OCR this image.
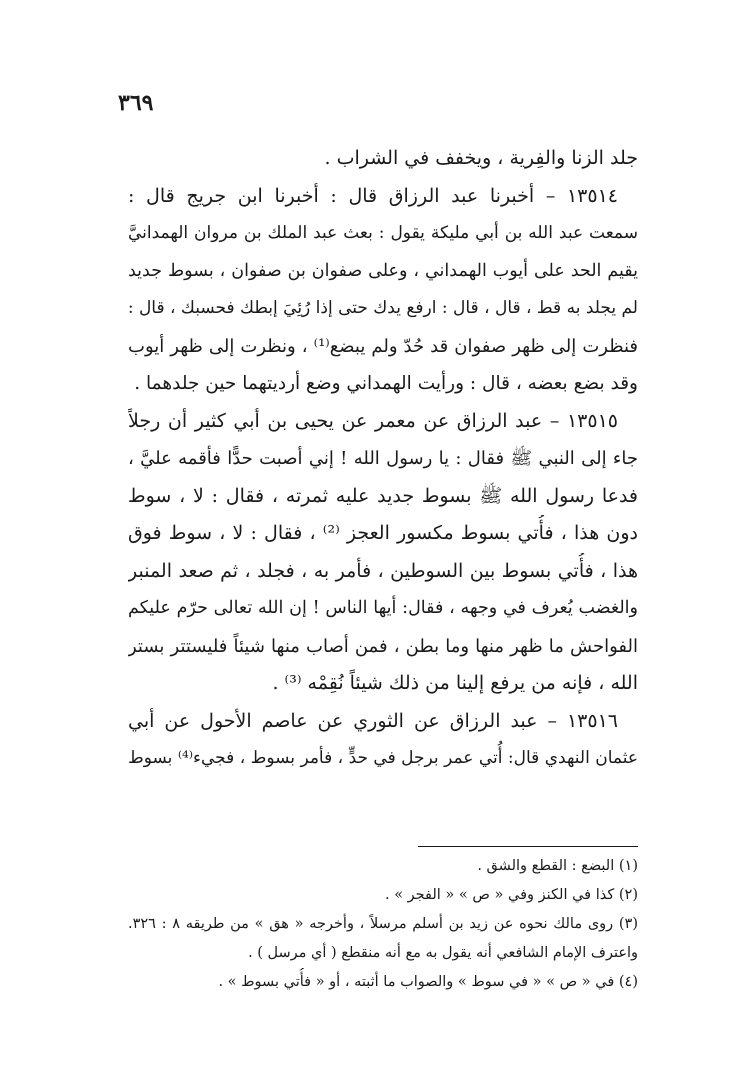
٣٦٩
جلد الزنا والفِرية ، ويخفف في الشراب .
١٣٥١٤ – أخبرنا عبد الرزاق قال : أخبرنا ابن جريج قال :
سمعت عبد الله بن أبي مليكة يقول : بعث عبد الملك بن مروان الهمدانيَّ
يقيم الحد على أيوب الهمداني ، وعلى صفوان بن صفوان ، بسوط جديد
لم يجلد به قط ، قال ، قال : ارفع يدك حتى إذا رُئِيَ إبطك فحسبك ، قال :
فنظرت إلى ظهر صفوان قد حُدّ ولم يبضع⁽¹⁾ ، ونظرت إلى ظهر أيوب
وقد بضع بعضه ، قال : ورأيت الهمداني وضع أرديتهما حين جلدهما .
١٣٥١٥ – عبد الرزاق عن معمر عن يحيى بن أبي كثير أن رجلاً
جاء إلى النبي ﷺ فقال : يا رسول الله ! إني أصبت حدًّا فأقمه عليَّ ،
فدعا رسول الله ﷺ بسوط جديد عليه ثمرته ، فقال : لا ، سوط
دون هذا ، فأُتي بسوط مكسور العجز ⁽²⁾ ، فقال : لا ، سوط فوق
هذا ، فأُتي بسوط بين السوطين ، فأمر به ، فجلد ، ثم صعد المنبر
والغضب يُعرف في وجهه ، فقال: أيها الناس ! إن الله تعالى حرّم عليكم
الفواحش ما ظهر منها وما بطن ، فمن أصاب منها شيئاً فليستتر بستر
الله ، فإنه من يرفع إلينا من ذلك شيئاً نُقِمْه ⁽³⁾ .
١٣٥١٦ – عبد الرزاق عن الثوري عن عاصم الأحول عن أبي
عثمان النهدي قال: أُتي عمر برجل في حدٍّ ، فأمر بسوط ، فجيء⁽⁴⁾ بسوط
(١) البضع : القطع والشق .
(٢) كذا في الكنز وفي « ص » « الفجر » .
(٣) روى مالك نحوه عن زيد بن أسلم مرسلاً ، وأخرجه « هق » من طريقه ٨ : ٣٢٦.
واعترف الإمام الشافعي أنه يقول به مع أنه منقطع ( أي مرسل ) .
(٤) في « ص » « في سوط » والصواب ما أثبته ، أو « فأُتي بسوط » .
